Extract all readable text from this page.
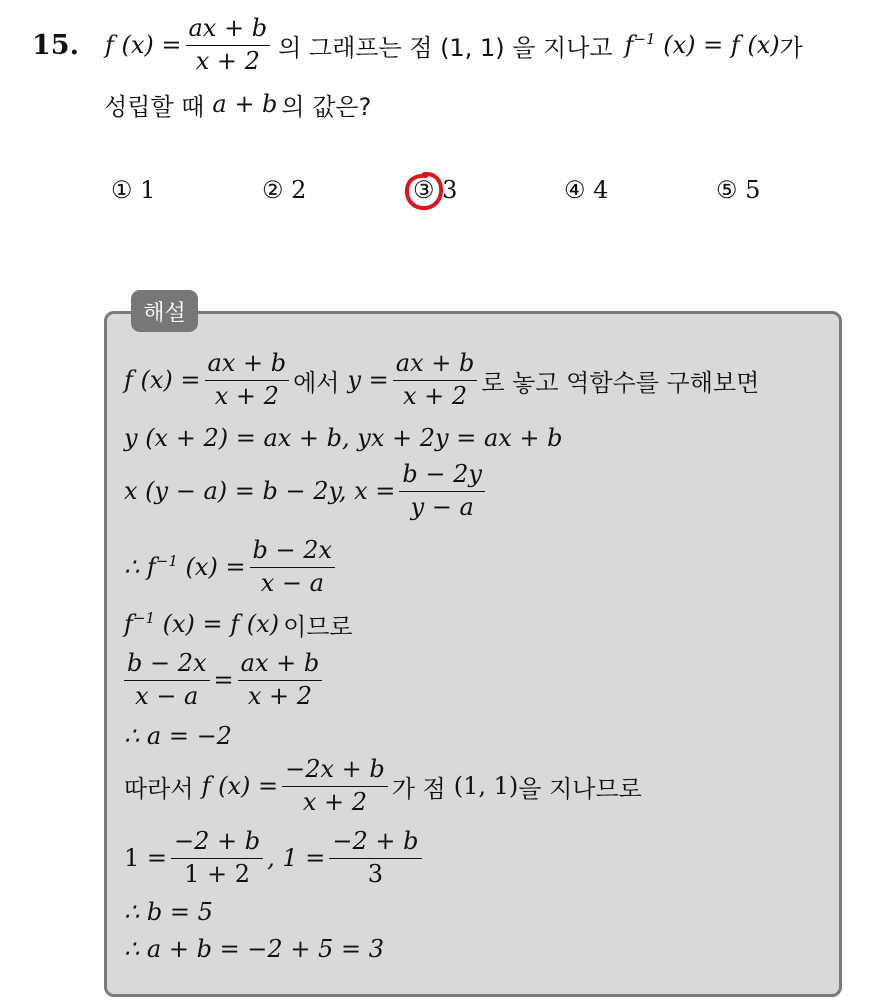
15. f $(x) = \frac{ax + b}{x + 2}$ 의 그래프는 점 (1, 1) 을 지나고 $f^{-1}$ (x) = f (x) 가
성립할 때 a + b 의 값은?
① 1	② 2	③ 3	④ 4	⑤ 5
해설
f $(x) = \frac{ax + b}{x + 2}$ 에서 $y = \frac{ax + b}{x + 2}$ 로 놓고 역함수를 구해보면
y (x + 2) = ax + b, yx + 2y = ax + b
x (y − a) = b − 2y, $x = \frac{b - 2y}{y - a}$
∴ $f^{-1}$ $(x) = \frac{b - 2x}{x - a}$
$f^{-1}$ (x) = f (x) 이므로
$\frac{b - 2x}{x - a} = \frac{ax + b}{x + 2}$
∴ a = −2
따라서 f $(x) = \frac{-2x + b}{x + 2}$ 가 점 (1, 1) 을 지나므로
$1 = \frac{-2 + b}{1 + 2}$ , $1 = \frac{-2 + b}{3}$
∴ b = 5
∴ a + b = −2 + 5 = 3
